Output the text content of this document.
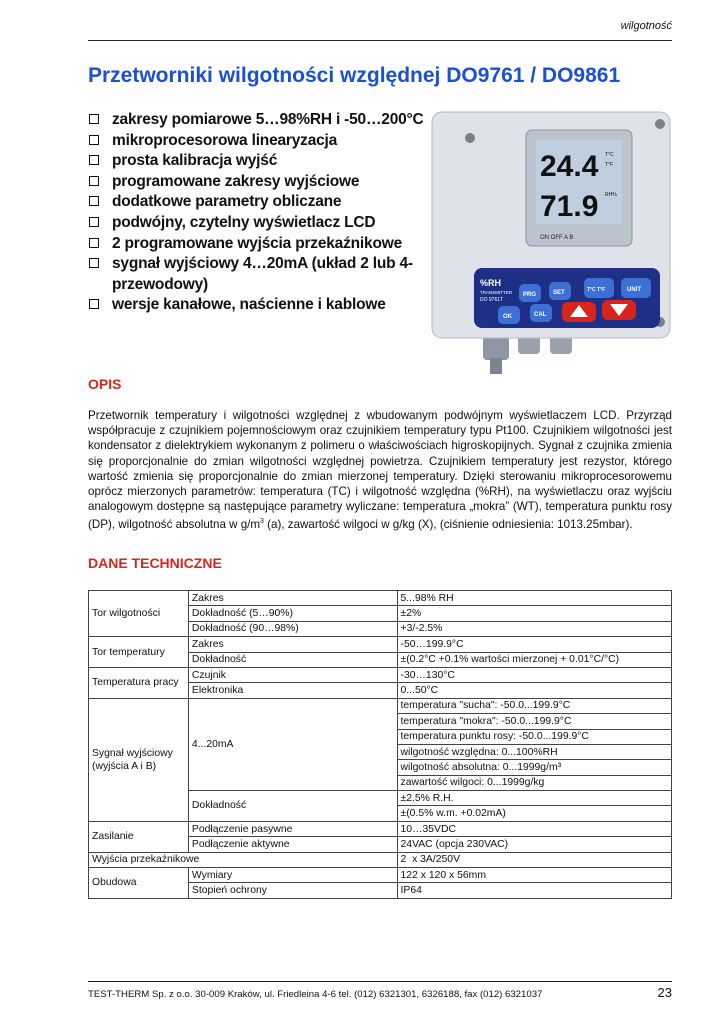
wilgotność
Przetworniki wilgotności względnej DO9761 / DO9861
zakresy pomiarowe 5…98%RH i -50…200°C
mikroprocesorowa linearyzacja
prosta kalibracja wyjść
programowane zakresy wyjściowe
dodatkowe parametry obliczane
podwójny, czytelny wyświetlacz LCD
2 programowane wyjścia przekaźnikowe
sygnał wyjściowy 4…20mA (układ 2 lub 4-przewodowy)
wersje kanałowe, naścienne i kablowe
24.4
71.9
T°C
T°F
RH%
ON OFF A B
%RH
TRANSMITTER
DO 9761T
PRG	SET	T°C T°F	UNIT
OK	CAL
OPIS

Przetwornik temperatury i wilgotności względnej z wbudowanym podwójnym wyświetlaczem LCD. Przyrząd współpracuje z czujnikiem pojemnościowym oraz czujnikiem temperatury typu Pt100. Czujnikiem wilgotności jest kondensator z dielektrykiem wykonanym z polimeru o właściwościach higroskopijnych. Sygnał z czujnika zmienia się proporcjonalnie do zmian wilgotności względnej powietrza. Czujnikiem temperatury jest rezystor, którego wartość zmienia się proporcjonalnie do zmian mierzonej temperatury. Dzięki sterowaniu mikroprocesorowemu oprócz mierzonych parametrów: temperatura (TC) i wilgotność względna (%RH), na wyświetlaczu oraz wyjściu analogowym dostępne są następujące parametry wyliczane: temperatura „mokra” (WT), temperatura punktu rosy (DP), wilgotność absolutna w $g/m^3$ (a), zawartość wilgoci w g/kg (X), (ciśnienie odniesienia: 1013.25mbar).

DANE TECHNICZNE
Tor wilgotności	Zakres	5...98% RH
	Dokładność (5…90%)	±2%
	Dokładność (90…98%)	+3/-2.5%
Tor temperatury	Zakres	-50…199.9°C
	Dokładność	±(0.2°C +0.1% wartości mierzonej + 0.01°C/°C)
Temperatura pracy	Czujnik	-30…130°C
	Elektronika	0...50°C
Sygnał wyjściowy (wyjścia A i B)	4...20mA	temperatura "sucha": -50.0...199.9°C
		temperatura "mokra": -50.0...199.9°C
		temperatura punktu rosy: -50.0...199.9°C
		wilgotność względna: 0...100%RH
		wilgotność absolutna: 0...1999g/m³
		zawartość wilgoci: 0...1999g/kg
	Dokładność	±2.5% R.H.
		±(0.5% w.m. +0.02mA)
Zasilanie	Podłączenie pasywne	10…35VDC
	Podłączenie aktywne	24VAC (opcja 230VAC)
Wyjścia przekaźnikowe		2  x 3A/250V
Obudowa	Wymiary	122 x 120 x 56mm
	Stopień ochrony	IP64
TEST-THERM Sp. z o.o. 30-009 Kraków, ul. Friedleina 4-6 tel. (012) 6321301, 6326188, fax (012) 6321037	23
